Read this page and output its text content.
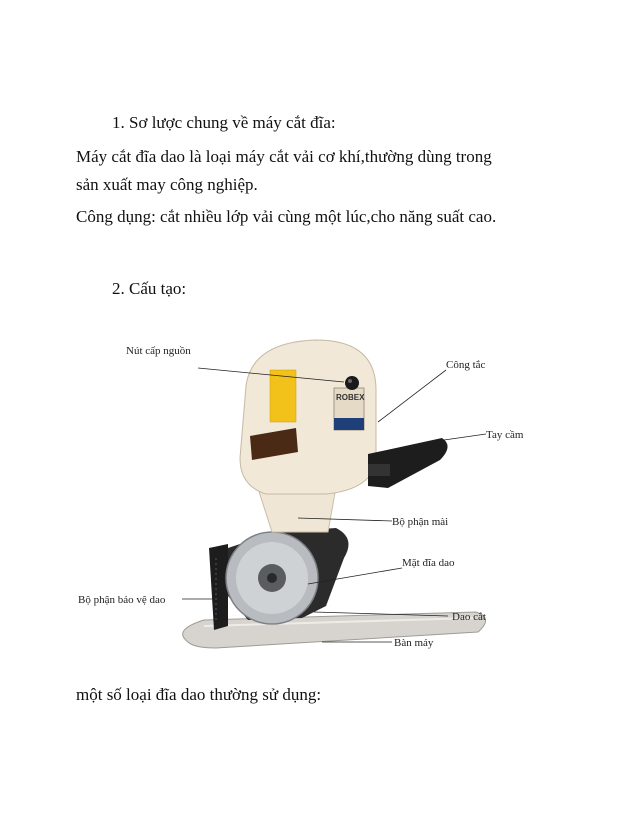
1. Sơ lược chung về máy cắt đĩa:
Máy cắt đĩa dao là loại máy cắt vải cơ khí,thường dùng trong
sản xuất may công nghiệp.
Công dụng: cắt nhiều lớp vải cùng một lúc,cho năng suất cao.
2. Cấu tạo:
ROBEX
Nút cấp nguồn
Công tắc
Tay cầm
Bộ phận mài
Mặt đĩa dao
Bộ phận bảo vệ dao
Dao cắt
Bàn máy
một số loại đĩa dao thường sử dụng:
